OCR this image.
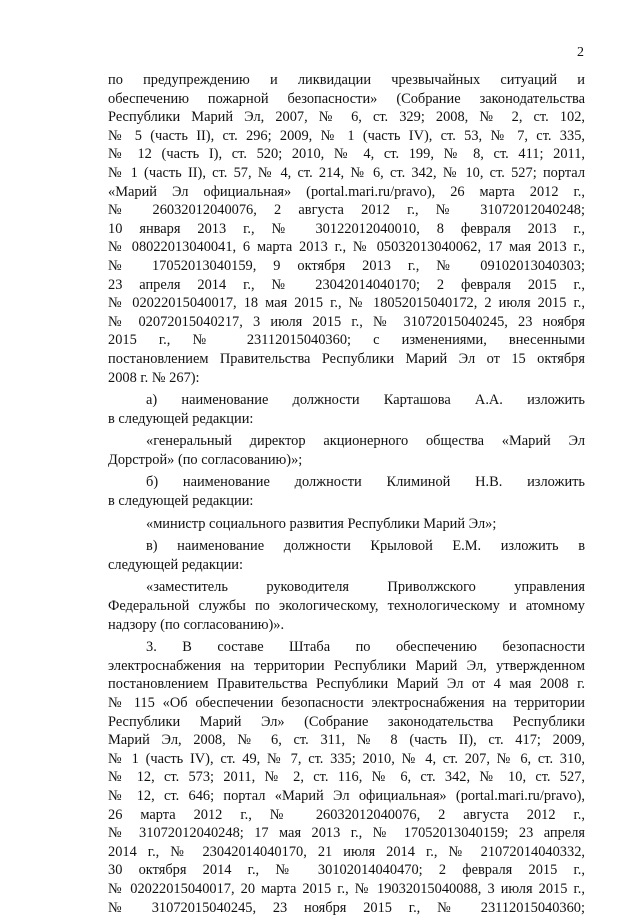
2
по предупреждению и ликвидации чрезвычайных ситуаций и
обеспечению пожарной безопасности» (Собрание законодательства
Республики Марий Эл, 2007, № 6, ст. 329; 2008, № 2, ст. 102,
№ 5 (часть II), ст. 296; 2009, № 1 (часть IV), ст. 53, № 7, ст. 335,
№ 12 (часть I), ст. 520; 2010, № 4, ст. 199, № 8, ст. 411; 2011,
№ 1 (часть II), ст. 57, № 4, ст. 214, № 6, ст. 342, № 10, ст. 527; портал
«Марий Эл официальная» (portal.mari.ru/pravo), 26 марта 2012 г.,
№ 26032012040076, 2 августа 2012 г., № 31072012040248;
10 января 2013 г., № 30122012040010, 8 февраля 2013 г.,
№ 08022013040041, 6 марта 2013 г., № 05032013040062, 17 мая 2013 г.,
№ 17052013040159, 9 октября 2013 г., № 09102013040303;
23 апреля 2014 г., № 23042014040170; 2 февраля 2015 г.,
№ 02022015040017, 18 мая 2015 г., № 18052015040172, 2 июля 2015 г.,
№ 02072015040217, 3 июля 2015 г., № 31072015040245, 23 ноября
2015 г., № 23112015040360; с изменениями, внесенными
постановлением Правительства Республики Марий Эл от 15 октября
2008 г. № 267):
а) наименование должности Карташова А.А. изложить
в следующей редакции:
«генеральный директор акционерного общества «Марий Эл
Дорстрой» (по согласованию)»;
б) наименование должности Климиной Н.В. изложить
в следующей редакции:
«министр социального развития Республики Марий Эл»;
в) наименование должности Крыловой Е.М. изложить в
следующей редакции:
«заместитель руководителя Приволжского управления
Федеральной службы по экологическому, технологическому и атомному
надзору (по согласованию)».
3. В составе Штаба по обеспечению безопасности
электроснабжения на территории Республики Марий Эл, утвержденном
постановлением Правительства Республики Марий Эл от 4 мая 2008 г.
№ 115 «Об обеспечении безопасности электроснабжения на территории
Республики Марий Эл» (Собрание законодательства Республики
Марий Эл, 2008, № 6, ст. 311, № 8 (часть II), ст. 417; 2009,
№ 1 (часть IV), ст. 49, № 7, ст. 335; 2010, № 4, ст. 207, № 6, ст. 310,
№ 12, ст. 573; 2011, № 2, ст. 116, № 6, ст. 342, № 10, ст. 527,
№ 12, ст. 646; портал «Марий Эл официальная» (portal.mari.ru/pravo),
26 марта 2012 г., № 26032012040076, 2 августа 2012 г.,
№ 31072012040248; 17 мая 2013 г., № 17052013040159; 23 апреля
2014 г., № 23042014040170, 21 июля 2014 г., № 21072014040332,
30 октября 2014 г., № 30102014040470; 2 февраля 2015 г.,
№ 02022015040017, 20 марта 2015 г., № 19032015040088, 3 июля 2015 г.,
№ 31072015040245, 23 ноября 2015 г., № 23112015040360;
